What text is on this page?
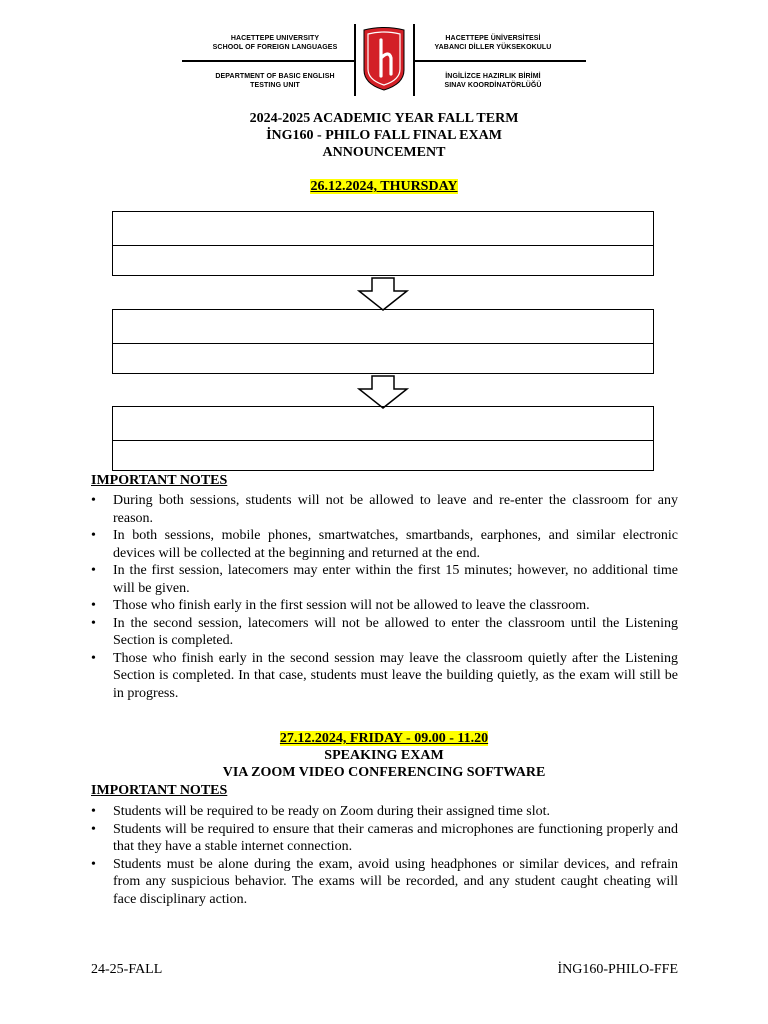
HACETTEPE UNIVERSITY
SCHOOL OF FOREIGN LANGUAGES
DEPARTMENT OF BASIC ENGLISH
TESTING UNIT
HACETTEPE ÜNİVERSİTESİ
YABANCI DİLLER YÜKSEKOKULU
İNGİLİZCE HAZIRLIK BİRİMİ
SINAV KOORDİNATÖRLÜĞÜ
2024-2025 ACADEMIC YEAR FALL TERM
İNG160 - PHILO FALL FINAL EXAM
ANNOUNCEMENT
26.12.2024, THURSDAY
IMPORTANT NOTES
• During both sessions, students will not be allowed to leave and re-enter the classroom for any reason.
• In both sessions, mobile phones, smartwatches, smartbands, earphones, and similar electronic devices will be collected at the beginning and returned at the end.
• In the first session, latecomers may enter within the first 15 minutes; however, no additional time will be given.
• Those who finish early in the first session will not be allowed to leave the classroom.
• In the second session, latecomers will not be allowed to enter the classroom until the Listening Section is completed.
• Those who finish early in the second session may leave the classroom quietly after the Listening Section is completed. In that case, students must leave the building quietly, as the exam will still be in progress.
27.12.2024, FRIDAY - 09.00 - 11.20
SPEAKING EXAM
VIA ZOOM VIDEO CONFERENCING SOFTWARE
IMPORTANT NOTES
• Students will be required to be ready on Zoom during their assigned time slot.
• Students will be required to ensure that their cameras and microphones are functioning properly and that they have a stable internet connection.
• Students must be alone during the exam, avoid using headphones or similar devices, and refrain from any suspicious behavior. The exams will be recorded, and any student caught cheating will face disciplinary action.
24-25-FALL	İNG160-PHILO-FFE
